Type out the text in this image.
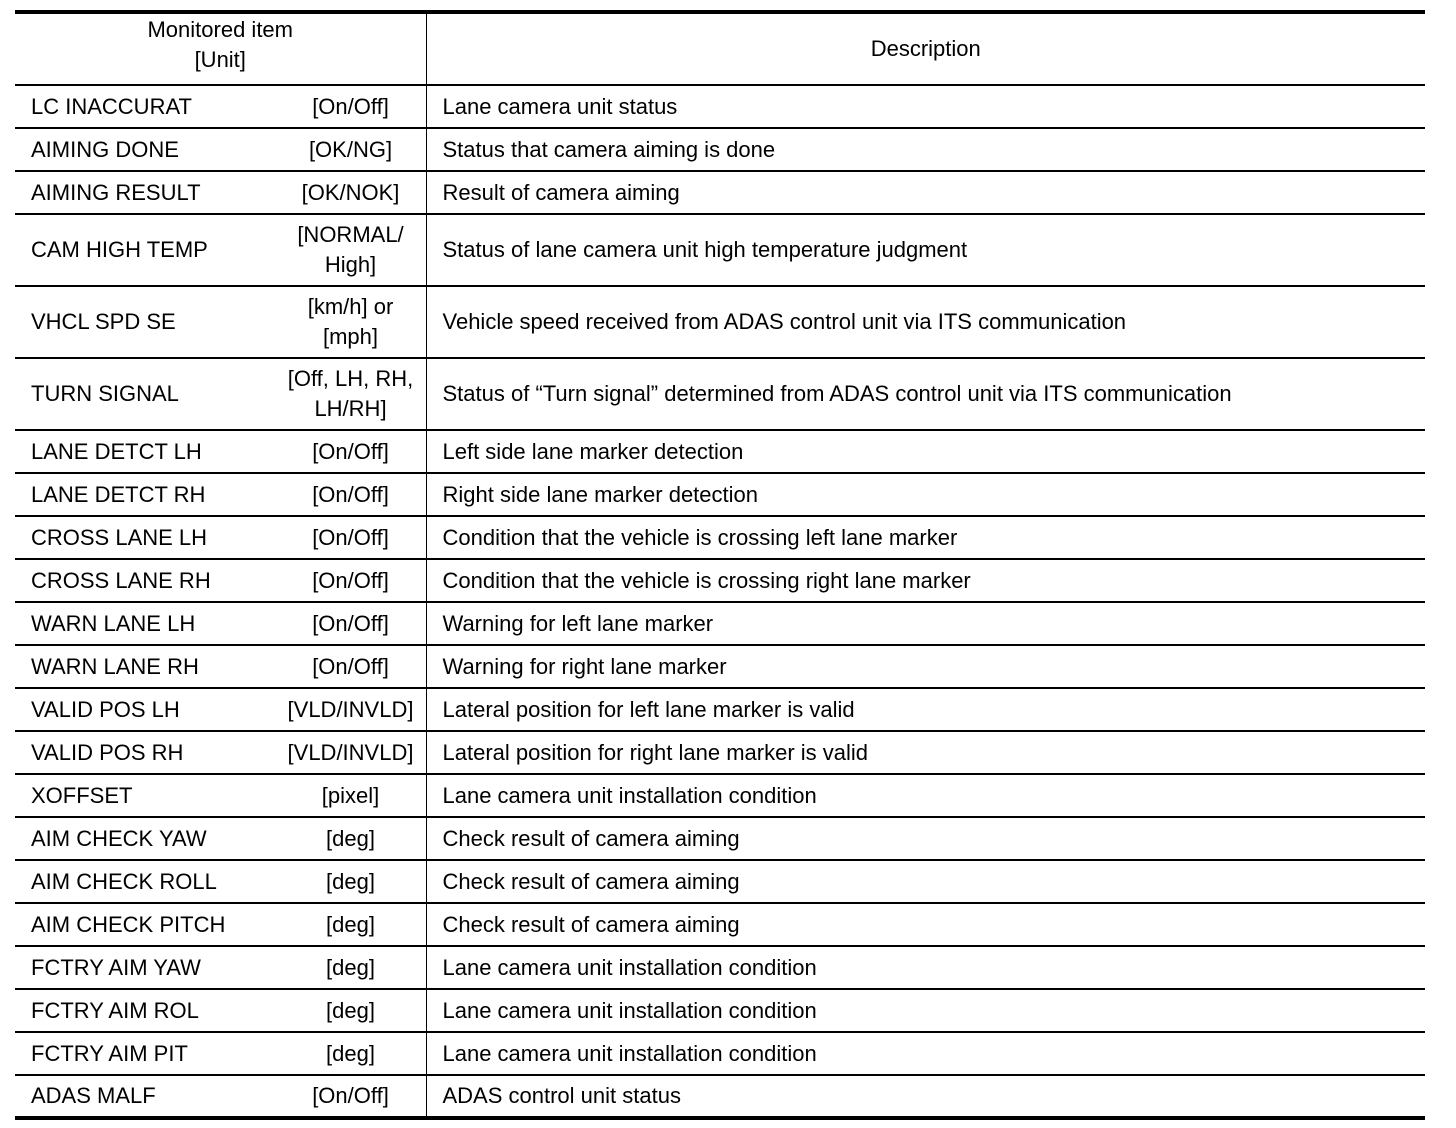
Monitored item
[Unit]	Description

LC INACCURAT [On/Off]	Lane camera unit status

AIMING DONE [OK/NG]	Status that camera aiming is done

AIMING RESULT [OK/NOK]	Result of camera aiming

CAM HIGH TEMP
[NORMAL/
High]	Status of lane camera unit high temperature judgment

VHCL SPD SE
[km/h] or
[mph]	Vehicle speed received from ADAS control unit via ITS communication

TURN SIGNAL
[Off, LH, RH,
LH/RH]	Status of “Turn signal” determined from ADAS control unit via ITS communication

LANE DETCT LH [On/Off]	Left side lane marker detection

LANE DETCT RH [On/Off]	Right side lane marker detection

CROSS LANE LH [On/Off]	Condition that the vehicle is crossing left lane marker

CROSS LANE RH [On/Off]	Condition that the vehicle is crossing right lane marker

WARN LANE LH [On/Off]	Warning for left lane marker

WARN LANE RH [On/Off]	Warning for right lane marker

VALID POS LH [VLD/INVLD]	Lateral position for left lane marker is valid

VALID POS RH [VLD/INVLD]	Lateral position for right lane marker is valid

XOFFSET [pixel]	Lane camera unit installation condition

AIM CHECK YAW [deg]	Check result of camera aiming

AIM CHECK ROLL [deg]	Check result of camera aiming

AIM CHECK PITCH [deg]	Check result of camera aiming

FCTRY AIM YAW [deg]	Lane camera unit installation condition

FCTRY AIM ROL [deg]	Lane camera unit installation condition

FCTRY AIM PIT [deg]	Lane camera unit installation condition

ADAS MALF [On/Off]	ADAS control unit status
